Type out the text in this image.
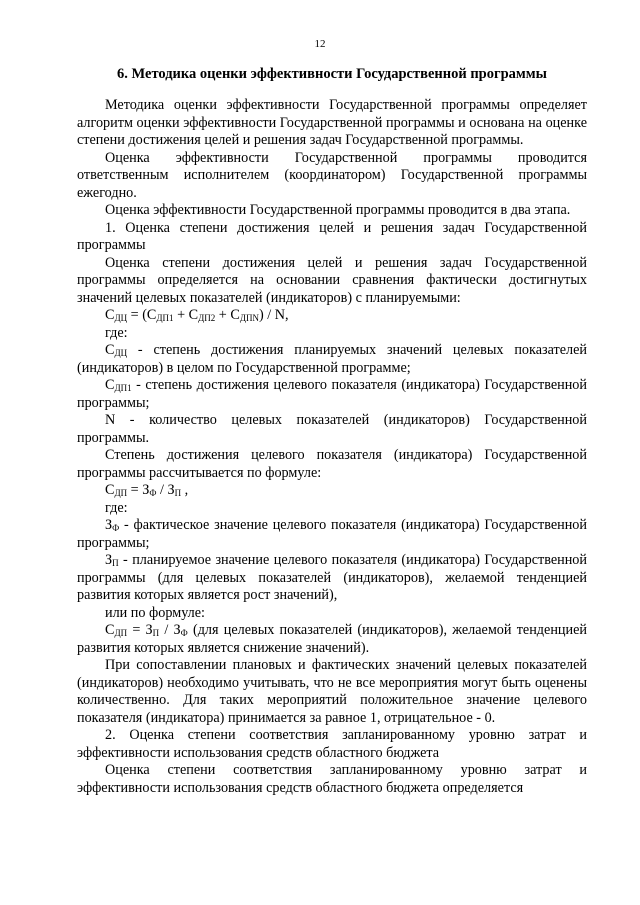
12
6. Методика оценки эффективности Государственной программы

Методика оценки эффективности Государственной программы определяет алгоритм оценки эффективности Государственной программы и основана на оценке степени достижения целей и решения задач Государственной программы.

Оценка эффективности Государственной программы проводится ответственным исполнителем (координатором) Государственной программы ежегодно.

Оценка эффективности Государственной программы проводится в два этапа.

1. Оценка степени достижения целей и решения задач Государственной программы

Оценка степени достижения целей и решения задач Государственной программы определяется на основании сравнения фактически достигнутых значений целевых показателей (индикаторов) с планируемыми:

$С_{ДЦ} = (С_{ДП1} + С_{ДП2} + С_{ДПN}) / N$,

где:

$С_{ДЦ}$ - степень достижения планируемых значений целевых показателей (индикаторов) в целом по Государственной программе;

$С_{ДП1}$ - степень достижения целевого показателя (индикатора) Государственной программы;

N - количество целевых показателей (индикаторов) Государственной программы.

Степень достижения целевого показателя (индикатора) Государственной программы рассчитывается по формуле:

$С_{ДП} = З_Ф / З_П$ ,

где:

$З_Ф$ - фактическое значение целевого показателя (индикатора) Государственной программы;

$З_П$ - планируемое значение целевого показателя (индикатора) Государственной программы (для целевых показателей (индикаторов), желаемой тенденцией развития которых является рост значений),

или по формуле:

$С_{ДП} = З_П / З_Ф$ (для целевых показателей (индикаторов), желаемой тенденцией развития которых является снижение значений).

При сопоставлении плановых и фактических значений целевых показателей (индикаторов) необходимо учитывать, что не все мероприятия могут быть оценены количественно. Для таких мероприятий положительное значение целевого показателя (индикатора) принимается за равное 1, отрицательное - 0.

2. Оценка степени соответствия запланированному уровню затрат и эффективности использования средств областного бюджета

Оценка степени соответствия запланированному уровню затрат и эффективности использования средств областного бюджета определяется
